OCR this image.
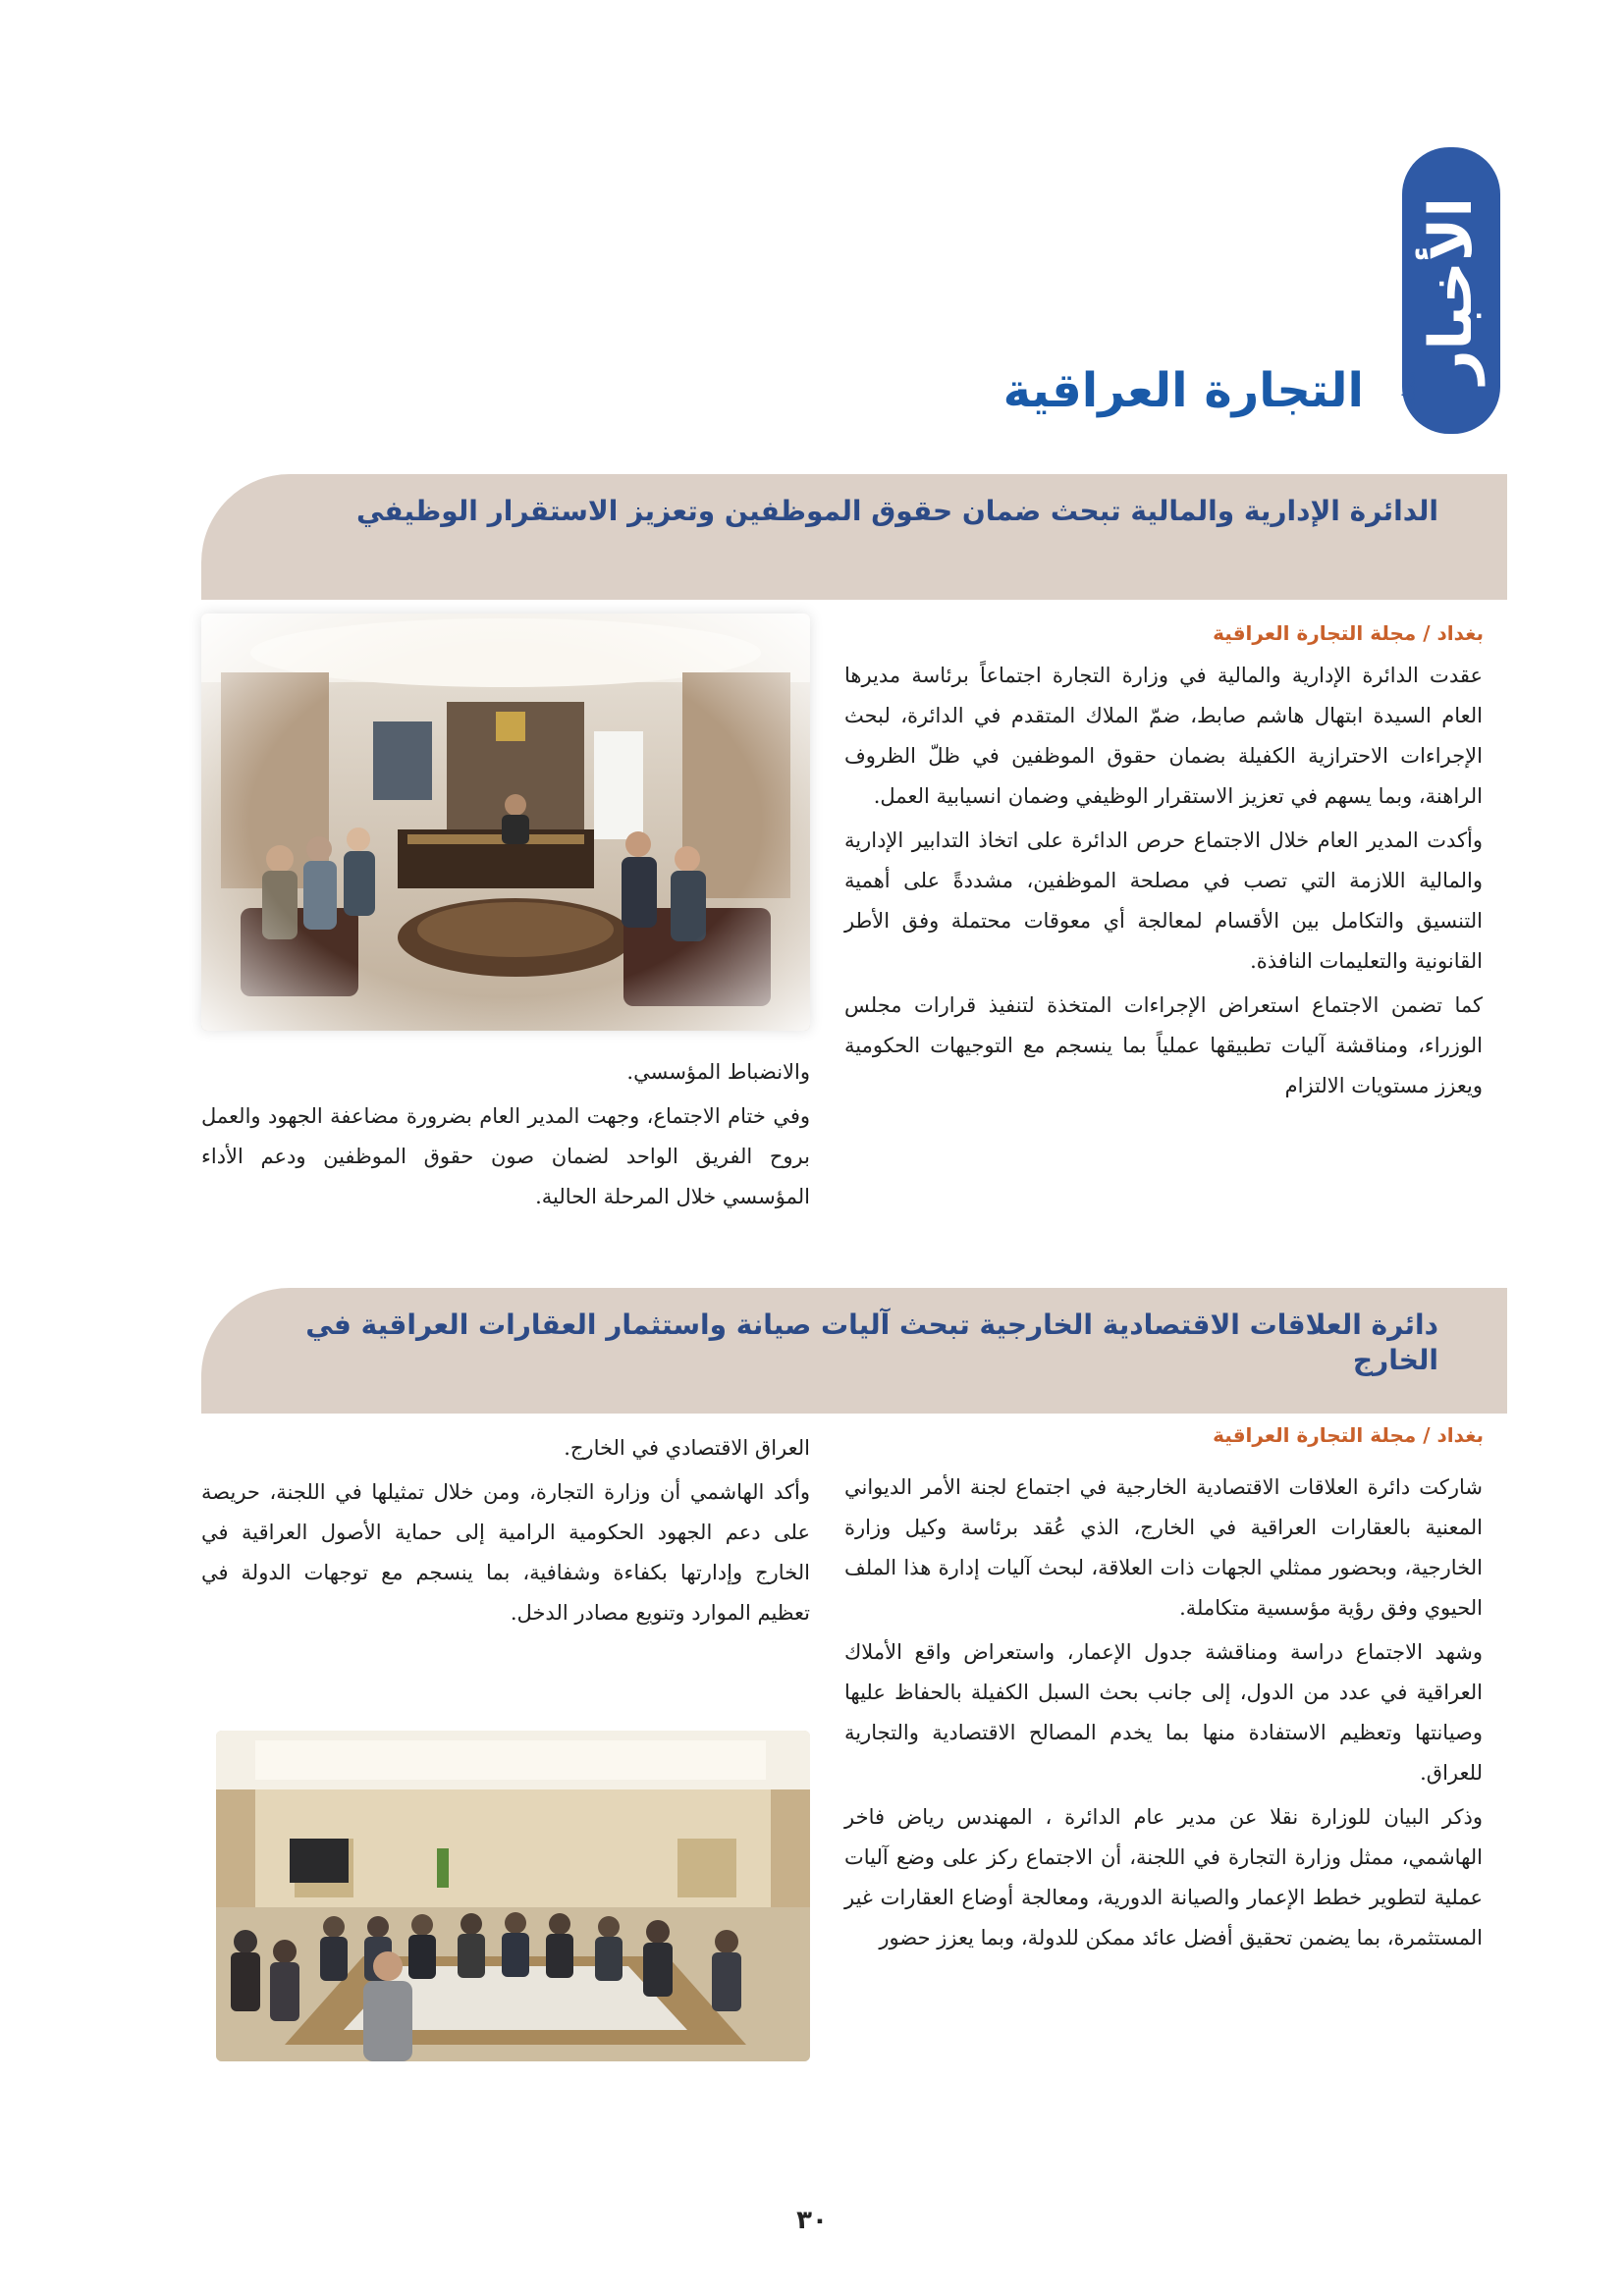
الأخبار
التجارة العراقية مجلة
الدائرة الإدارية والمالية تبحث ضمان حقوق الموظفين وتعزيز الاستقرار الوظيفي
بغداد / مجلة التجارة العراقية

عقدت الدائرة الإدارية والمالية في وزارة التجارة اجتماعاً برئاسة مديرها العام السيدة ابتهال هاشم صابط، ضمّ الملاك المتقدم في الدائرة، لبحث الإجراءات الاحترازية الكفيلة بضمان حقوق الموظفين في ظلّ الظروف الراهنة، وبما يسهم في تعزيز الاستقرار الوظيفي وضمان انسيابية العمل.

وأكدت المدير العام خلال الاجتماع حرص الدائرة على اتخاذ التدابير الإدارية والمالية اللازمة التي تصب في مصلحة الموظفين، مشددةً على أهمية التنسيق والتكامل بين الأقسام لمعالجة أي معوقات محتملة وفق الأطر القانونية والتعليمات النافذة.

كما تضمن الاجتماع استعراض الإجراءات المتخذة لتنفيذ قرارات مجلس الوزراء، ومناقشة آليات تطبيقها عملياً بما ينسجم مع التوجيهات الحكومية ويعزز مستويات الالتزام

والانضباط المؤسسي.

وفي ختام الاجتماع، وجهت المدير العام بضرورة مضاعفة الجهود والعمل بروح الفريق الواحد لضمان صون حقوق الموظفين ودعم الأداء المؤسسي خلال المرحلة الحالية.

دائرة العلاقات الاقتصادية الخارجية تبحث آليات صيانة واستثمار العقارات العراقية في الخارج
بغداد / مجلة التجارة العراقية

شاركت دائرة العلاقات الاقتصادية الخارجية في اجتماع لجنة الأمر الديواني المعنية بالعقارات العراقية في الخارج، الذي عُقد برئاسة وكيل وزارة الخارجية، وبحضور ممثلي الجهات ذات العلاقة، لبحث آليات إدارة هذا الملف الحيوي وفق رؤية مؤسسية متكاملة.

وشهد الاجتماع دراسة ومناقشة جدول الإعمار، واستعراض واقع الأملاك العراقية في عدد من الدول، إلى جانب بحث السبل الكفيلة بالحفاظ عليها وصيانتها وتعظيم الاستفادة منها بما يخدم المصالح الاقتصادية والتجارية للعراق.

وذكر البيان للوزارة نقلا عن مدير عام الدائرة ، المهندس رياض فاخر الهاشمي، ممثل وزارة التجارة في اللجنة، أن الاجتماع ركز على وضع آليات عملية لتطوير خطط الإعمار والصيانة الدورية، ومعالجة أوضاع العقارات غير المستثمرة، بما يضمن تحقيق أفضل عائد ممكن للدولة، وبما يعزز حضور

العراق الاقتصادي في الخارج.

وأكد الهاشمي أن وزارة التجارة، ومن خلال تمثيلها في اللجنة، حريصة على دعم الجهود الحكومية الرامية إلى حماية الأصول العراقية في الخارج وإدارتها بكفاءة وشفافية، بما ينسجم مع توجهات الدولة في تعظيم الموارد وتنويع مصادر الدخل.

٣٠
